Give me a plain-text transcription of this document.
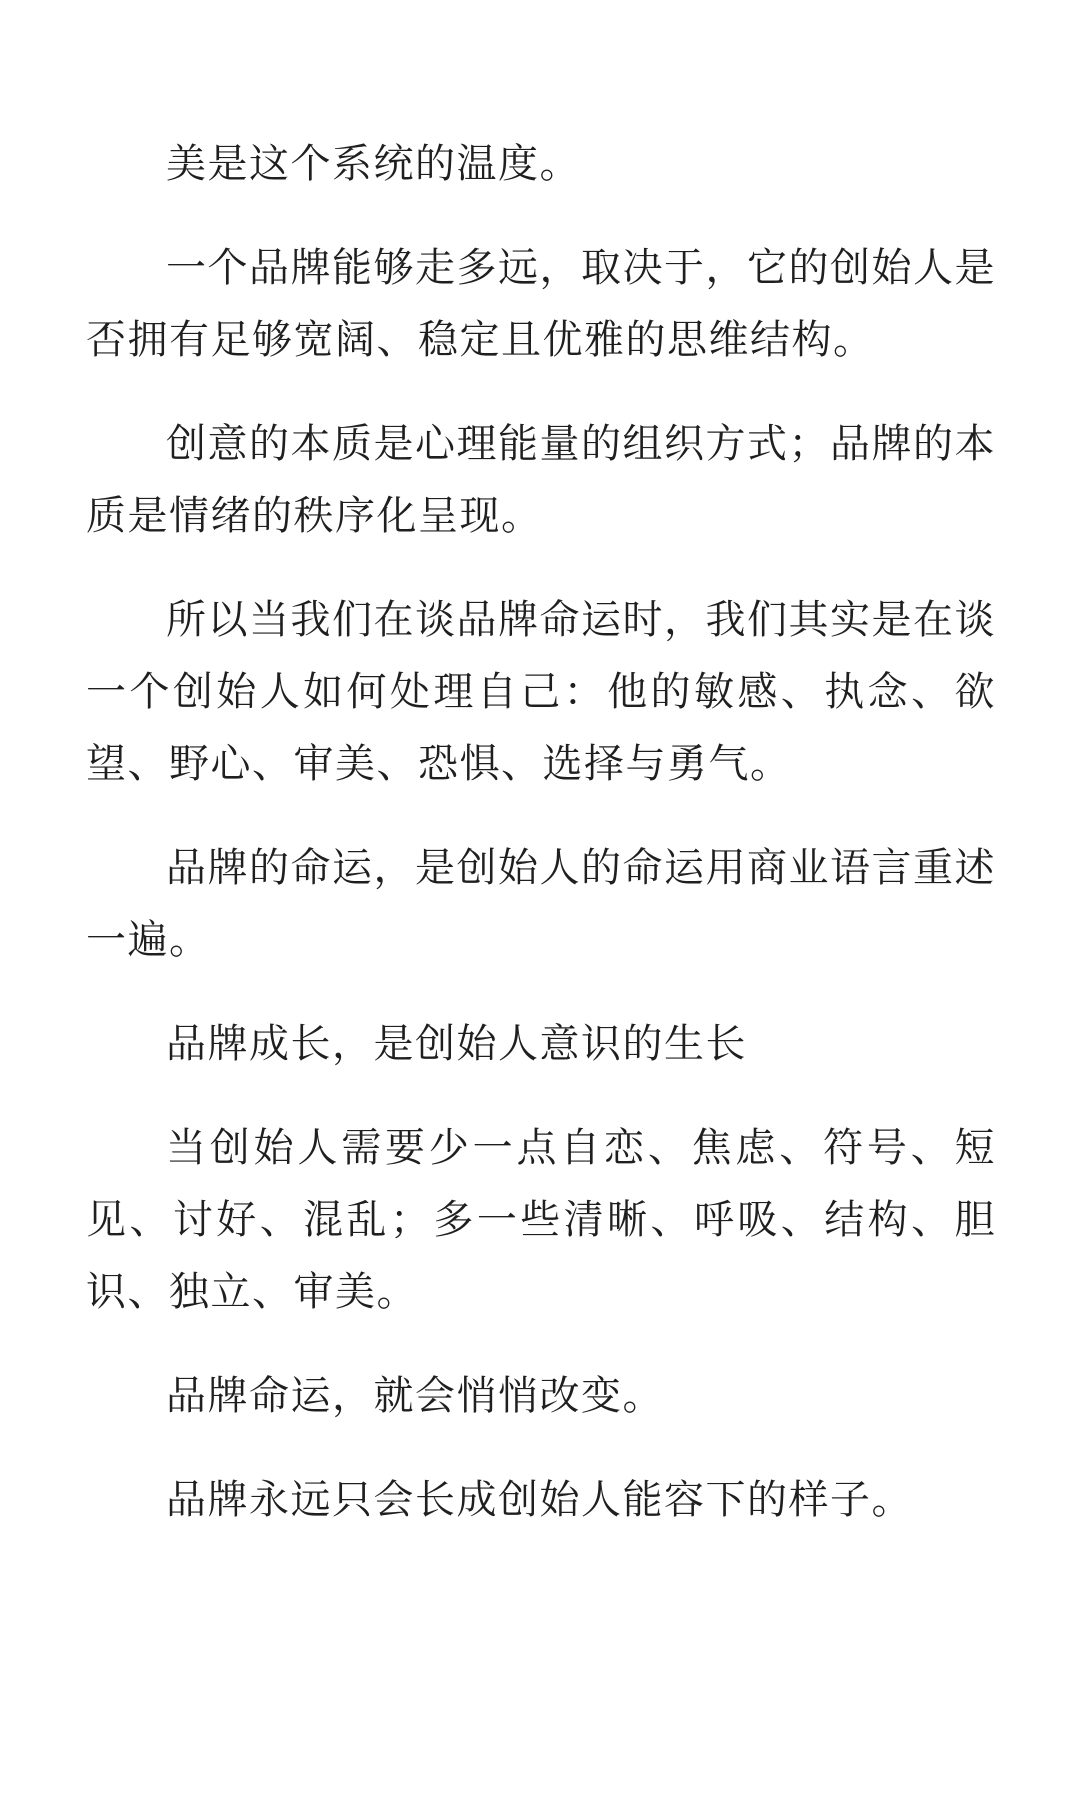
美是这个系统的温度。

一个品牌能够走多远，取决于，它的创始人是否拥有足够宽阔、稳定且优雅的思维结构。

创意的本质是心理能量的组织方式；品牌的本质是情绪的秩序化呈现。

所以当我们在谈品牌命运时，我们其实是在谈一个创始人如何处理自己：他的敏感、执念、欲望、野心、审美、恐惧、选择与勇气。

品牌的命运，是创始人的命运用商业语言重述一遍。

品牌成长，是创始人意识的生长

当创始人需要少一点自恋、焦虑、符号、短见、讨好、混乱；多一些清晰、呼吸、结构、胆识、独立、审美。

品牌命运，就会悄悄改变。

品牌永远只会长成创始人能容下的样子。
